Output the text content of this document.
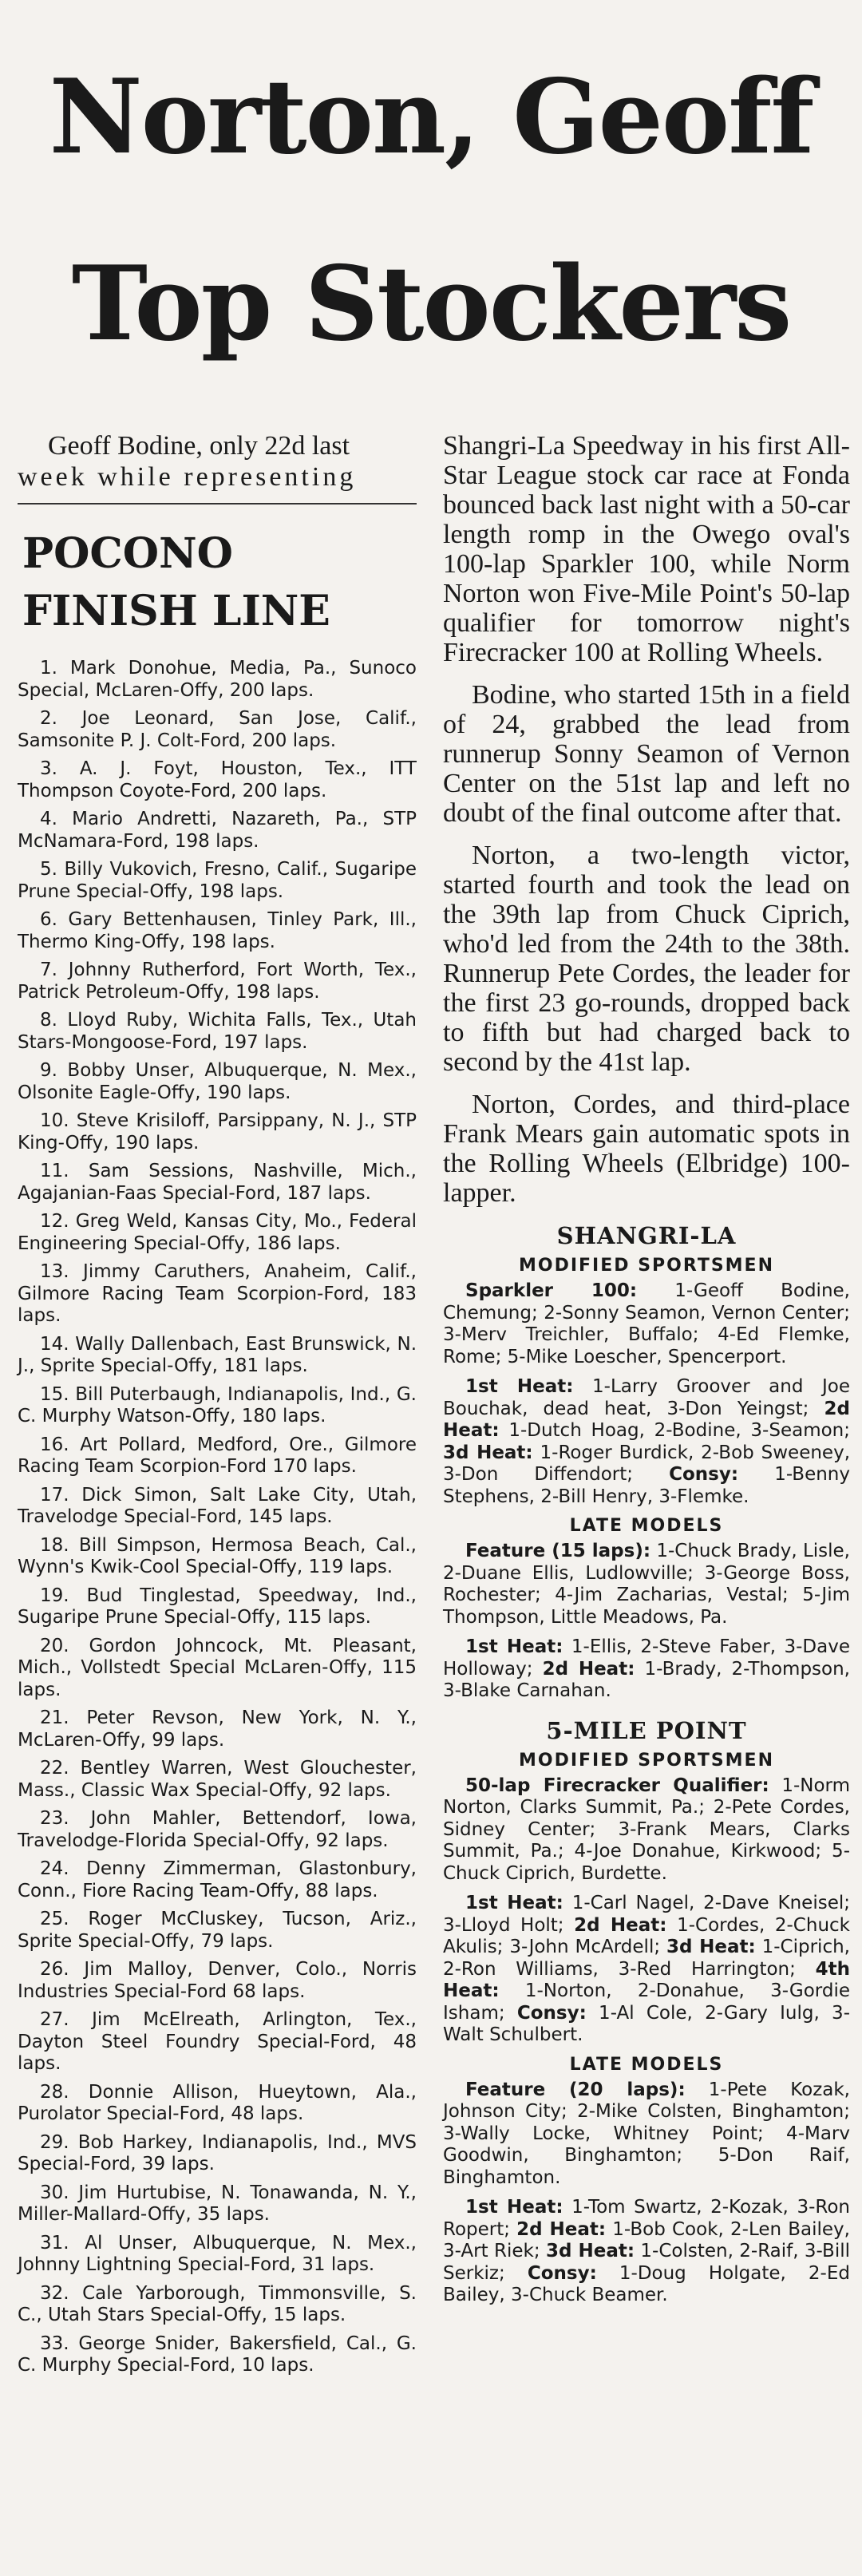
Norton, Geoff
Top Stockers

Geoff Bodine, only 22d last

week while representing

POCONO
FINISH LINE
1. Mark Donohue, Media, Pa., Sunoco Special, McLaren-Offy, 200 laps.
2. Joe Leonard, San Jose, Calif., Samsonite P. J. Colt-Ford, 200 laps.
3. A. J. Foyt, Houston, Tex., ITT Thompson Coyote-Ford, 200 laps.
4. Mario Andretti, Nazareth, Pa., STP McNamara-Ford, 198 laps.
5. Billy Vukovich, Fresno, Calif., Sugaripe Prune Special-Offy, 198 laps.
6. Gary Bettenhausen, Tinley Park, Ill., Thermo King-Offy, 198 laps.
7. Johnny Rutherford, Fort Worth, Tex., Patrick Petroleum-Offy, 198 laps.
8. Lloyd Ruby, Wichita Falls, Tex., Utah Stars-Mongoose-Ford, 197 laps.
9. Bobby Unser, Albuquerque, N. Mex., Olsonite Eagle-Offy, 190 laps.
10. Steve Krisiloff, Parsippany, N. J., STP King-Offy, 190 laps.
11. Sam Sessions, Nashville, Mich., Agajanian-Faas Special-Ford, 187 laps.
12. Greg Weld, Kansas City, Mo., Federal Engineering Special-Offy, 186 laps.
13. Jimmy Caruthers, Anaheim, Calif., Gilmore Racing Team Scorpion-Ford, 183 laps.
14. Wally Dallenbach, East Brunswick, N. J., Sprite Special-Offy, 181 laps.
15. Bill Puterbaugh, Indianapolis, Ind., G. C. Murphy Watson-Offy, 180 laps.
16. Art Pollard, Medford, Ore., Gilmore Racing Team Scorpion-Ford 170 laps.
17. Dick Simon, Salt Lake City, Utah, Travelodge Special-Ford, 145 laps.
18. Bill Simpson, Hermosa Beach, Cal., Wynn's Kwik-Cool Special-Offy, 119 laps.
19. Bud Tinglestad, Speedway, Ind., Sugaripe Prune Special-Offy, 115 laps.
20. Gordon Johncock, Mt. Pleasant, Mich., Vollstedt Special McLaren-Offy, 115 laps.
21. Peter Revson, New York, N. Y., McLaren-Offy, 99 laps.
22. Bentley Warren, West Glouchester, Mass., Classic Wax Special-Offy, 92 laps.
23. John Mahler, Bettendorf, Iowa, Travelodge-Florida Special-Offy, 92 laps.
24. Denny Zimmerman, Glastonbury, Conn., Fiore Racing Team-Offy, 88 laps.
25. Roger McCluskey, Tucson, Ariz., Sprite Special-Offy, 79 laps.
26. Jim Malloy, Denver, Colo., Norris Industries Special-Ford 68 laps.
27. Jim McElreath, Arlington, Tex., Dayton Steel Foundry Special-Ford, 48 laps.
28. Donnie Allison, Hueytown, Ala., Purolator Special-Ford, 48 laps.
29. Bob Harkey, Indianapolis, Ind., MVS Special-Ford, 39 laps.
30. Jim Hurtubise, N. Tonawanda, N. Y., Miller-Mallard-Offy, 35 laps.
31. Al Unser, Albuquerque, N. Mex., Johnny Lightning Special-Ford, 31 laps.
32. Cale Yarborough, Timmonsville, S. C., Utah Stars Special-Offy, 15 laps.
33. George Snider, Bakersfield, Cal., G. C. Murphy Special-Ford, 10 laps.

Shangri-La Speedway in his first All-Star League stock car race at Fonda bounced back last night with a 50-car length romp in the Owego oval's 100-lap Sparkler 100, while Norm Norton won Five-Mile Point's 50-lap qualifier for tomorrow night's Firecracker 100 at Rolling Wheels.

Bodine, who started 15th in a field of 24, grabbed the lead from runnerup Sonny Seamon of Vernon Center on the 51st lap and left no doubt of the final outcome after that.

Norton, a two-length victor, started fourth and took the lead on the 39th lap from Chuck Ciprich, who'd led from the 24th to the 38th. Runnerup Pete Cordes, the leader for the first 23 go-rounds, dropped back to fifth but had charged back to second by the 41st lap.

Norton, Cordes, and third-place Frank Mears gain automatic spots in the Rolling Wheels (Elbridge) 100-lapper.

SHANGRI-LA
MODIFIED SPORTSMEN

Sparkler 100: 1-Geoff Bodine, Chemung; 2-Sonny Seamon, Vernon Center; 3-Merv Treichler, Buffalo; 4-Ed Flemke, Rome; 5-Mike Loescher, Spencerport.

1st Heat: 1-Larry Groover and Joe Bouchak, dead heat, 3-Don Yeingst; 2d Heat: 1-Dutch Hoag, 2-Bodine, 3-Seamon; 3d Heat: 1-Roger Burdick, 2-Bob Sweeney, 3-Don Diffendort; Consy: 1-Benny Stephens, 2-Bill Henry, 3-Flemke.

LATE MODELS

Feature (15 laps): 1-Chuck Brady, Lisle, 2-Duane Ellis, Ludlowville; 3-George Boss, Rochester; 4-Jim Zacharias, Vestal; 5-Jim Thompson, Little Meadows, Pa.

1st Heat: 1-Ellis, 2-Steve Faber, 3-Dave Holloway; 2d Heat: 1-Brady, 2-Thompson, 3-Blake Carnahan.

5-MILE POINT
MODIFIED SPORTSMEN

50-lap Firecracker Qualifier: 1-Norm Norton, Clarks Summit, Pa.; 2-Pete Cordes, Sidney Center; 3-Frank Mears, Clarks Summit, Pa.; 4-Joe Donahue, Kirkwood; 5-Chuck Ciprich, Burdette.

1st Heat: 1-Carl Nagel, 2-Dave Kneisel; 3-Lloyd Holt; 2d Heat: 1-Cordes, 2-Chuck Akulis; 3-John McArdell; 3d Heat: 1-Ciprich, 2-Ron Williams, 3-Red Harrington; 4th Heat: 1-Norton, 2-Donahue, 3-Gordie Isham; Consy: 1-Al Cole, 2-Gary Iulg, 3-Walt Schulbert.

LATE MODELS

Feature (20 laps): 1-Pete Kozak, Johnson City; 2-Mike Colsten, Binghamton; 3-Wally Locke, Whitney Point; 4-Marv Goodwin, Binghamton; 5-Don Raif, Binghamton.

1st Heat: 1-Tom Swartz, 2-Kozak, 3-Ron Ropert; 2d Heat: 1-Bob Cook, 2-Len Bailey, 3-Art Riek; 3d Heat: 1-Colsten, 2-Raif, 3-Bill Serkiz; Consy: 1-Doug Holgate, 2-Ed Bailey, 3-Chuck Beamer.
